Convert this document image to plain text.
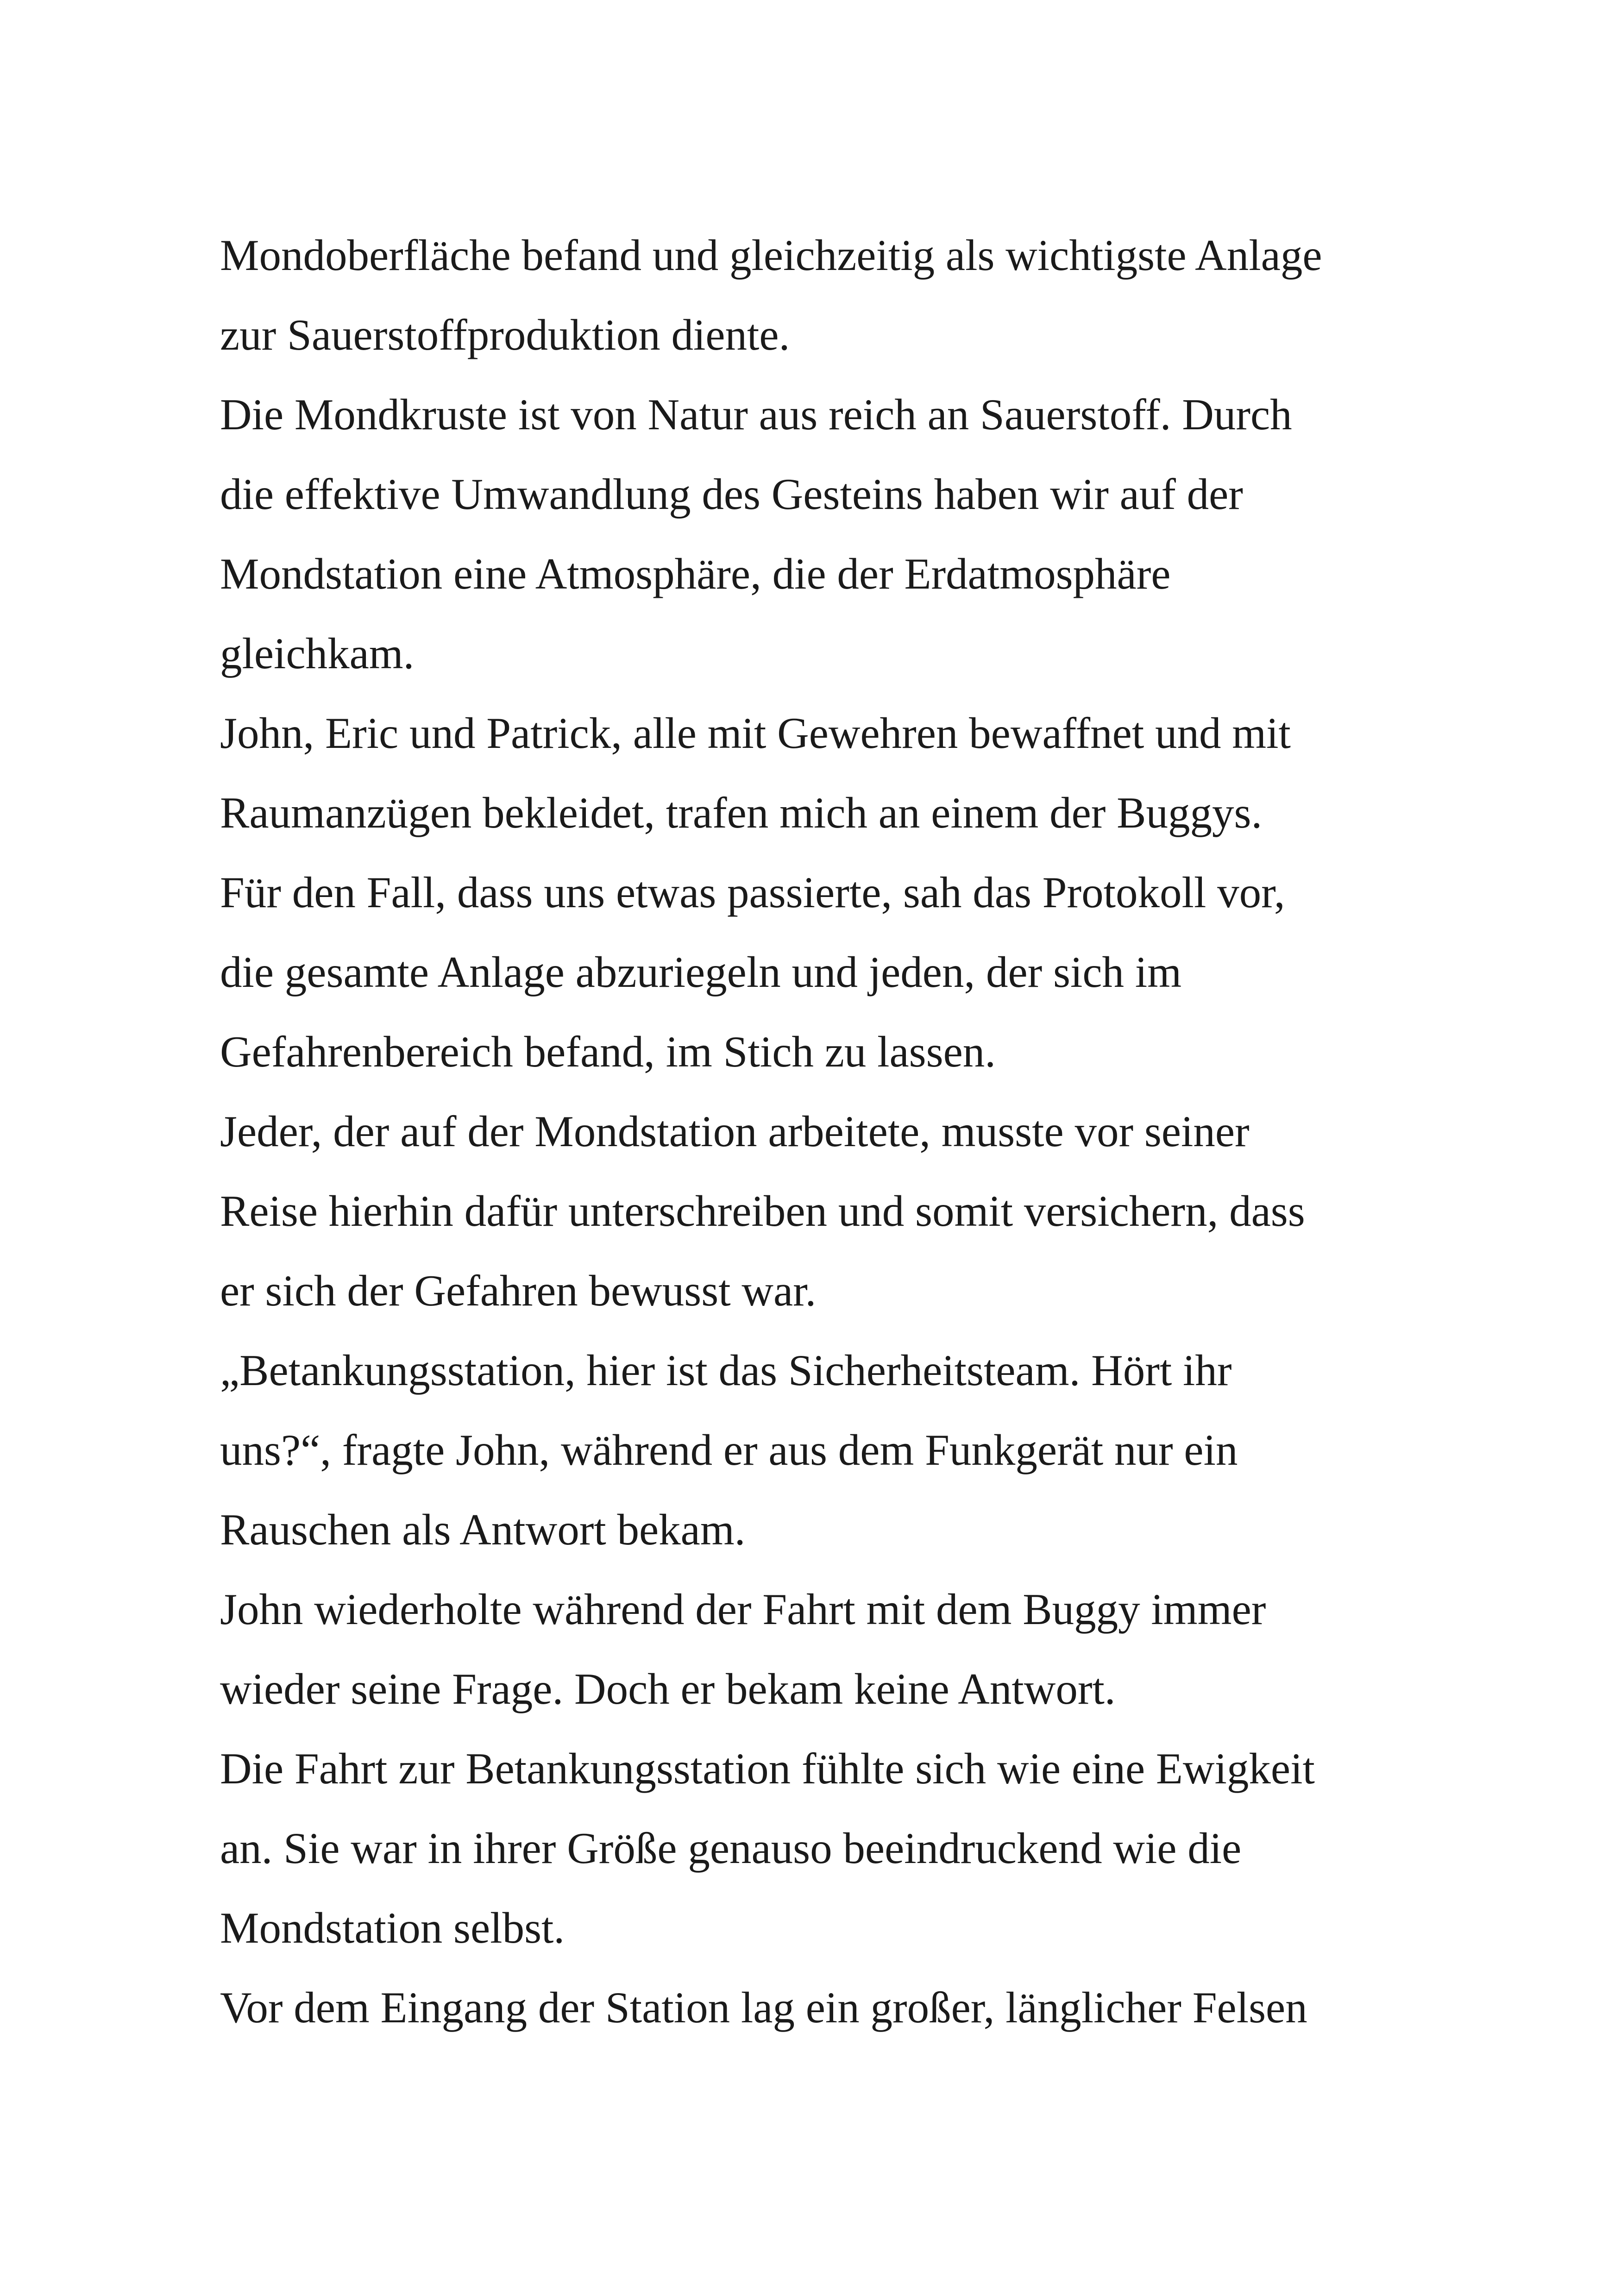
Mondoberfläche befand und gleichzeitig als wichtigste Anlage
zur Sauerstoffproduktion diente.
Die Mondkruste ist von Natur aus reich an Sauerstoff. Durch
die effektive Umwandlung des Gesteins haben wir auf der
Mondstation eine Atmosphäre, die der Erdatmosphäre
gleichkam.
John, Eric und Patrick, alle mit Gewehren bewaffnet und mit
Raumanzügen bekleidet, trafen mich an einem der Buggys.
Für den Fall, dass uns etwas passierte, sah das Protokoll vor,
die gesamte Anlage abzuriegeln und jeden, der sich im
Gefahrenbereich befand, im Stich zu lassen.
Jeder, der auf der Mondstation arbeitete, musste vor seiner
Reise hierhin dafür unterschreiben und somit versichern, dass
er sich der Gefahren bewusst war.
„Betankungsstation, hier ist das Sicherheitsteam. Hört ihr
uns?“, fragte John, während er aus dem Funkgerät nur ein
Rauschen als Antwort bekam.
John wiederholte während der Fahrt mit dem Buggy immer
wieder seine Frage. Doch er bekam keine Antwort.
Die Fahrt zur Betankungsstation fühlte sich wie eine Ewigkeit
an. Sie war in ihrer Größe genauso beeindruckend wie die
Mondstation selbst.
Vor dem Eingang der Station lag ein großer, länglicher Felsen
